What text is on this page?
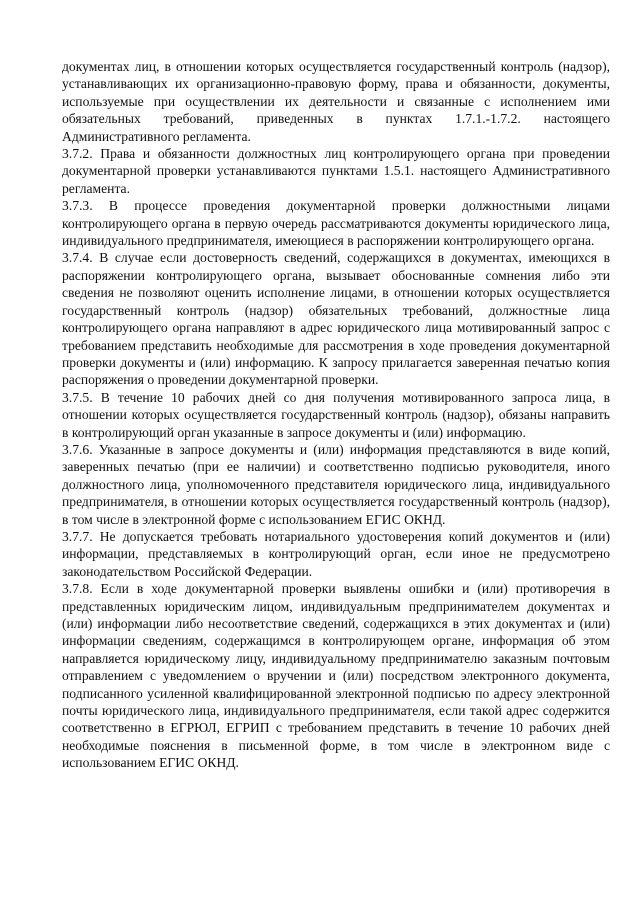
документах лиц, в отношении которых осуществляется государственный контроль (надзор), устанавливающих их организационно-правовую форму, права и обязанности, документы, используемые при осуществлении их деятельности и связанные с исполнением ими обязательных требований, приведенных в пунктах 1.7.1.-1.7.2. настоящего Административного регламента.

3.7.2. Права и обязанности должностных лиц контролирующего органа при проведении документарной проверки устанавливаются пунктами 1.5.1. настоящего Административного регламента.

3.7.3. В процессе проведения документарной проверки должностными лицами контролирующего органа в первую очередь рассматриваются документы юридического лица, индивидуального предпринимателя, имеющиеся в распоряжении контролирующего органа.

3.7.4. В случае если достоверность сведений, содержащихся в документах, имеющихся в распоряжении контролирующего органа, вызывает обоснованные сомнения либо эти сведения не позволяют оценить исполнение лицами, в отношении которых осуществляется государственный контроль (надзор) обязательных требований, должностные лица контролирующего органа направляют в адрес юридического лица мотивированный запрос с требованием представить необходимые для рассмотрения в ходе проведения документарной проверки документы и (или) информацию. К запросу прилагается заверенная печатью копия распоряжения о проведении документарной проверки.

3.7.5. В течение 10 рабочих дней со дня получения мотивированного запроса лица, в отношении которых осуществляется государственный контроль (надзор), обязаны направить в контролирующий орган указанные в запросе документы и (или) информацию.

3.7.6. Указанные в запросе документы и (или) информация представляются в виде копий, заверенных печатью (при ее наличии) и соответственно подписью руководителя, иного должностного лица, уполномоченного представителя юридического лица, индивидуального предпринимателя, в отношении которых осуществляется государственный контроль (надзор), в том числе в электронной форме с использованием ЕГИС ОКНД.

3.7.7. Не допускается требовать нотариального удостоверения копий документов и (или) информации, представляемых в контролирующий орган, если иное не предусмотрено законодательством Российской Федерации.

3.7.8. Если в ходе документарной проверки выявлены ошибки и (или) противоречия в представленных юридическим лицом, индивидуальным предпринимателем документах и (или) информации либо несоответствие сведений, содержащихся в этих документах и (или) информации сведениям, содержащимся в контролирующем органе, информация об этом направляется юридическому лицу, индивидуальному предпринимателю заказным почтовым отправлением с уведомлением о вручении и (или) посредством электронного документа, подписанного усиленной квалифицированной электронной подписью по адресу электронной почты юридического лица, индивидуального предпринимателя, если такой адрес содержится соответственно в ЕГРЮЛ, ЕГРИП с требованием представить в течение 10 рабочих дней необходимые пояснения в письменной форме, в том числе в электронном виде с использованием ЕГИС ОКНД.
